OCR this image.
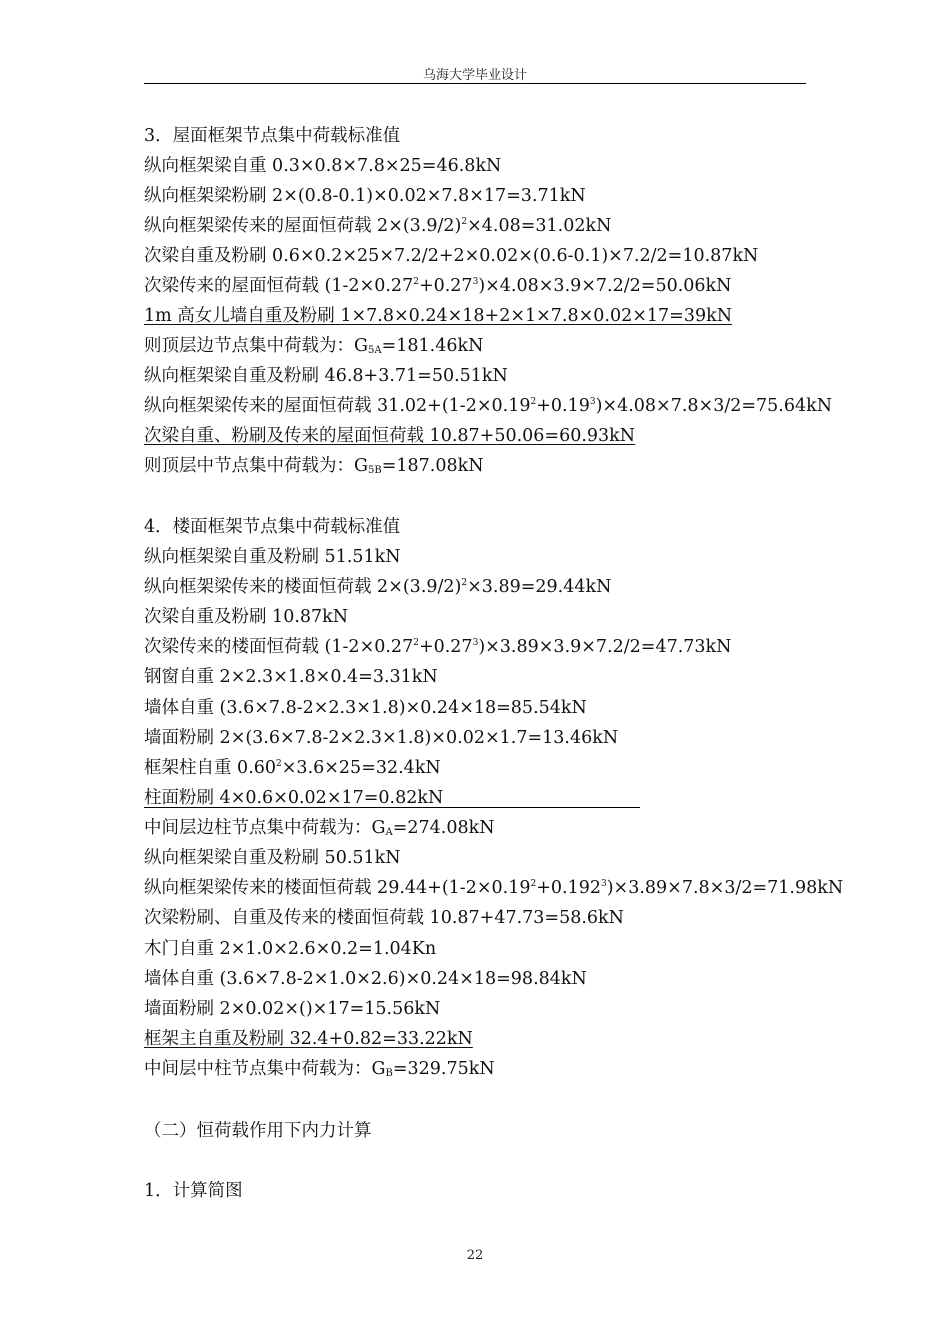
乌海大学毕业设计
3．屋面框架节点集中荷载标准值
纵向框架梁自重 0.3×0.8×7.8×25=46.8kN
纵向框架梁粉刷 2×(0.8-0.1)×0.02×7.8×17=3.71kN
纵向框架梁传来的屋面恒荷载 $2\times(3.9/2)^2\times 4.08=31.02kN$
次梁自重及粉刷 0.6×0.2×25×7.2/2+2×0.02×(0.6-0.1)×7.2/2=10.87kN
次梁传来的屋面恒荷载 $(1-2\times 0.27^2+0.27^3)\times 4.08\times 3.9\times 7.2/2=50.06kN$
1m 高女儿墙自重及粉刷 1×7.8×0.24×18+2×1×7.8×0.02×17=39kN
则顶层边节点集中荷载为：$G_{5A}=181.46kN$
纵向框架梁自重及粉刷 46.8+3.71=50.51kN
纵向框架梁传来的屋面恒荷载 $31.02+(1-2\times 0.19^2+0.19^3)\times 4.08\times 7.8\times 3/2=75.64kN$
次梁自重、粉刷及传来的屋面恒荷载 10.87+50.06=60.93kN
则顶层中节点集中荷载为：$G_{5B}=187.08kN$
4．楼面框架节点集中荷载标准值
纵向框架梁自重及粉刷 51.51kN
纵向框架梁传来的楼面恒荷载 $2\times(3.9/2)^2\times 3.89=29.44kN$
次梁自重及粉刷 10.87kN
次梁传来的楼面恒荷载 $(1-2\times 0.27^2+0.27^3)\times 3.89\times 3.9\times 7.2/2=47.73kN$
钢窗自重 2×2.3×1.8×0.4=3.31kN
墙体自重 (3.6×7.8-2×2.3×1.8)×0.24×18=85.54kN
墙面粉刷 2×(3.6×7.8-2×2.3×1.8)×0.02×1.7=13.46kN
框架柱自重 $0.60^2\times 3.6\times 25=32.4kN$
柱面粉刷 4×0.6×0.02×17=0.82kN
中间层边柱节点集中荷载为：$G_A=274.08kN$
纵向框架梁自重及粉刷 50.51kN
纵向框架梁传来的楼面恒荷载 $29.44+(1-2\times 0.19^2+0.192^3)\times 3.89\times 7.8\times 3/2=71.98kN$
次梁粉刷、自重及传来的楼面恒荷载 10.87+47.73=58.6kN
木门自重 2×1.0×2.6×0.2=1.04Kn
墙体自重 (3.6×7.8-2×1.0×2.6)×0.24×18=98.84kN
墙面粉刷 2×0.02×()×17=15.56kN
框架主自重及粉刷 32.4+0.82=33.22kN
中间层中柱节点集中荷载为：$G_B=329.75kN$
（二）恒荷载作用下内力计算
1．计算简图
22
